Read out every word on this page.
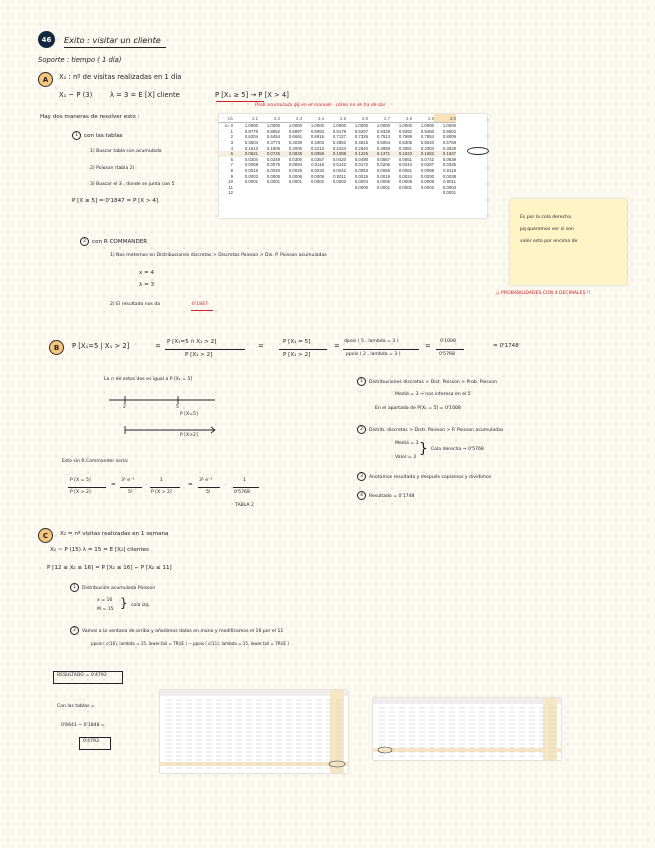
46	Exito : visitar un cliente
Soporte : tiempo ( 1 día)
A	X₁ : nº de visitas realizadas en 1 día
X₁ ~ P (3)	λ = 3 = E [X] cliente	P [X₁ ≥ 5] → P [X > 4]
Prob acumulada q̄q̄ en el manual - cómo no se ha de dar
Hay dos maneras de resolver esto :
1 con las tablas
1) Buscar tabla con acumulada
2) Poisson (tabla 2)
3) Buscar el 3 , donde se junta con 5
P [X ≥ 5] = 0'1847 = P [X > 4]
2 con R COMMANDER
1) Nos metemos en Distribuciones discretas > Discretas Poisson > Dis. P. Poisson acumuladas
x = 4
λ = 3
2) El resultado nos da	0'1847
x\λ	2.1	2.2	2.3	2.4	2.5	2.6	2.7	2.8	2.9	3.0
x= 0	1.0000	1.0000	1.0000	1.0000	1.0000	1.0000	1.0000	1.0000	1.0000	1.0000
1	0.8775	0.8892	0.8997	0.9093	0.9179	0.9257	0.9328	0.9392	0.9450	0.9502
2	0.6204	0.6454	0.6691	0.6916	0.7127	0.7326	0.7513	0.7689	0.7854	0.8009
3	0.3504	0.3773	0.4039	0.4303	0.4562	0.4816	0.5064	0.5305	0.5540	0.5768
4	0.1613	0.1806	0.2006	0.2213	0.2424	0.2640	0.2859	0.3081	0.3304	0.3528
5	0.0621	0.0725	0.0838	0.0959	0.1088	0.1226	0.1371	0.1523	0.1682	0.1847
6	0.0204	0.0249	0.0300	0.0357	0.0420	0.0490	0.0567	0.0651	0.0742	0.0839
7	0.0059	0.0075	0.0094	0.0116	0.0142	0.0172	0.0206	0.0244	0.0287	0.0335
8	0.0015	0.0020	0.0026	0.0033	0.0042	0.0053	0.0066	0.0081	0.0098	0.0119
9	0.0003	0.0005	0.0006	0.0009	0.0011	0.0015	0.0019	0.0024	0.0030	0.0038
10	0.0001	0.0001	0.0001	0.0002	0.0003	0.0004	0.0005	0.0006	0.0008	0.0011
11						0.0000	0.0001	0.0001	0.0002	0.0003
12										0.0001
Es por la cola derecha
pq queremos ver si son
valor esto por encima de
¡¡ PROBABILIDADES CON 4 DECIMALES !!
B	P [X₁=5 | X₁ > 2]	= P [X₁=5 ∩ X₁ > 2]
P [X₁ > 2]
=	P [X₁ = 5]
P [X₁ > 2]
=
dpois ( 5 , lambda = 3 )
ppois ( 2 , lambda = 3 )
=
0'1008
0'5768
= 0'1748
La ∩ de estos dos es igual a P [X₁ = 5]
2	5
P [X=5]
P [X>2]
1 Distribuciones discretas > Dist. Poisson > Prob. Poisson
Media = 3 → nos interesa en el 5
En el apartado de P[X₁ = 5] = 0'1008
2 Distrib. discretas > Distr. Poisson > P. Poisson acumuladas
Media = 3
Valor = 2
} Cola derecha → 0'5768
3 Anotamos resultado y después copiamos y dividimos
4 Resultado = 0'1748
Esto sin R.Commander sería:
P [X = 5]
P [X > 2]
=
3⁵ e⁻³
5!
·
1
P [X > 2]
=
3⁵ e⁻³
5!
·
1
0'5768
TABLA 2
C	X₂ = nº visitas realizadas en 1 semana
X₂ ~ P (15) λ = 15 = E [X₂] clientes
P [12 ≤ X₂ ≤ 16] = P [X₂ ≤ 16] − P [X₂ ≤ 11]
1 Distribución acumulada Poisson
x = 16
M = 15 } cola izq.
2 Vamos a la ventana de arriba y añadimos datos en mano y modificamos el 16 por el 11
ppois ( c(16), lambda = 15, lower.tail = TRUE ) − ppois ( c(11), lambda = 15, lower.tail = TRUE )
RESULTADO = 0'4793
Con las tablas =
0'6641 − 0'1848 =
0'4793
